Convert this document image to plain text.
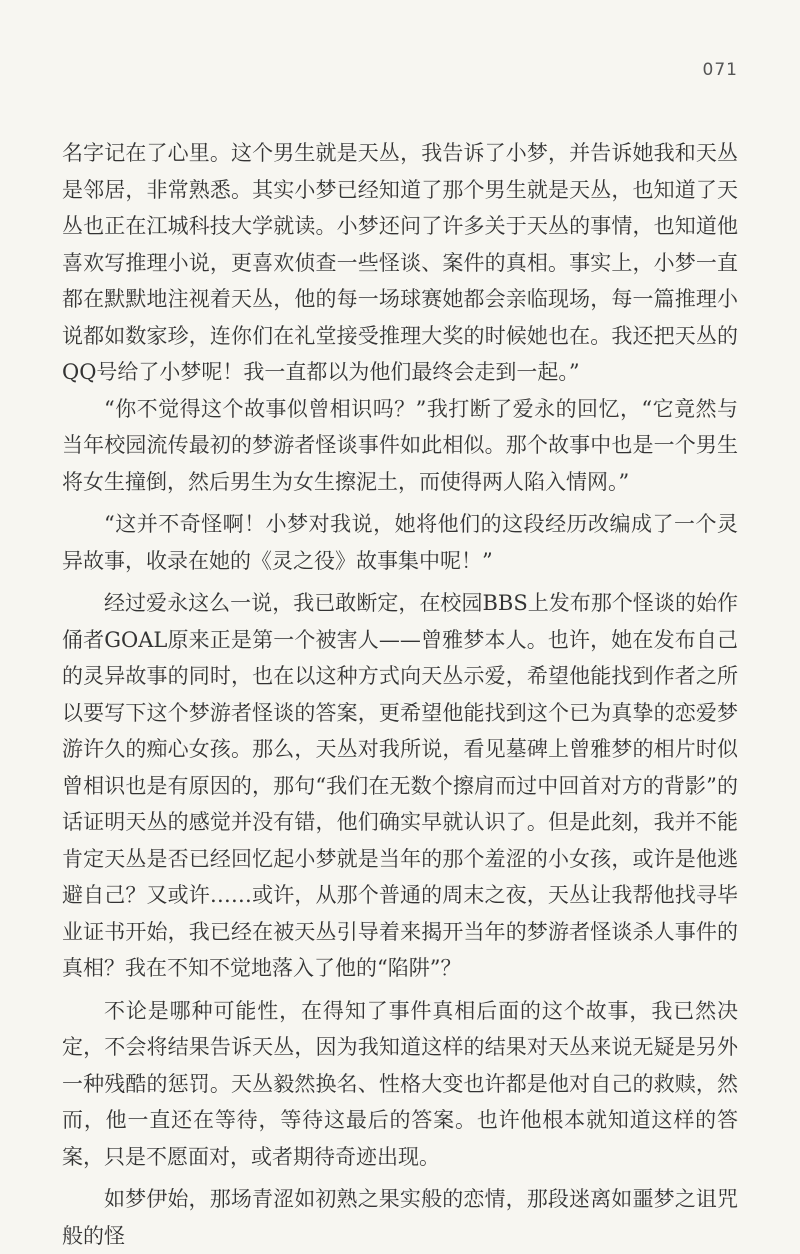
071

名字记在了心里。这个男生就是天丛，我告诉了小梦，并告诉她我和天丛是邻居，非常熟悉。其实小梦已经知道了那个男生就是天丛，也知道了天丛也正在江城科技大学就读。小梦还问了许多关于天丛的事情，也知道他喜欢写推理小说，更喜欢侦查一些怪谈、案件的真相。事实上，小梦一直都在默默地注视着天丛，他的每一场球赛她都会亲临现场，每一篇推理小说都如数家珍，连你们在礼堂接受推理大奖的时候她也在。我还把天丛的QQ号给了小梦呢！我一直都以为他们最终会走到一起。”

“你不觉得这个故事似曾相识吗？”我打断了爱永的回忆，“它竟然与当年校园流传最初的梦游者怪谈事件如此相似。那个故事中也是一个男生将女生撞倒，然后男生为女生擦泥土，而使得两人陷入情网。”

“这并不奇怪啊！小梦对我说，她将他们的这段经历改编成了一个灵异故事，收录在她的《灵之役》故事集中呢！”

经过爱永这么一说，我已敢断定，在校园BBS上发布那个怪谈的始作俑者GOAL原来正是第一个被害人——曾雅梦本人。也许，她在发布自己的灵异故事的同时，也在以这种方式向天丛示爱，希望他能找到作者之所以要写下这个梦游者怪谈的答案，更希望他能找到这个已为真挚的恋爱梦游许久的痴心女孩。那么，天丛对我所说，看见墓碑上曾雅梦的相片时似曾相识也是有原因的，那句“我们在无数个擦肩而过中回首对方的背影”的话证明天丛的感觉并没有错，他们确实早就认识了。但是此刻，我并不能肯定天丛是否已经回忆起小梦就是当年的那个羞涩的小女孩，或许是他逃避自己？又或许……或许，从那个普通的周末之夜，天丛让我帮他找寻毕业证书开始，我已经在被天丛引导着来揭开当年的梦游者怪谈杀人事件的真相？我在不知不觉地落入了他的“陷阱”？

不论是哪种可能性，在得知了事件真相后面的这个故事，我已然决定，不会将结果告诉天丛，因为我知道这样的结果对天丛来说无疑是另外一种残酷的惩罚。天丛毅然换名、性格大变也许都是他对自己的救赎，然而，他一直还在等待，等待这最后的答案。也许他根本就知道这样的答案，只是不愿面对，或者期待奇迹出现。

如梦伊始，那场青涩如初熟之果实般的恋情，那段迷离如噩梦之诅咒般的怪
